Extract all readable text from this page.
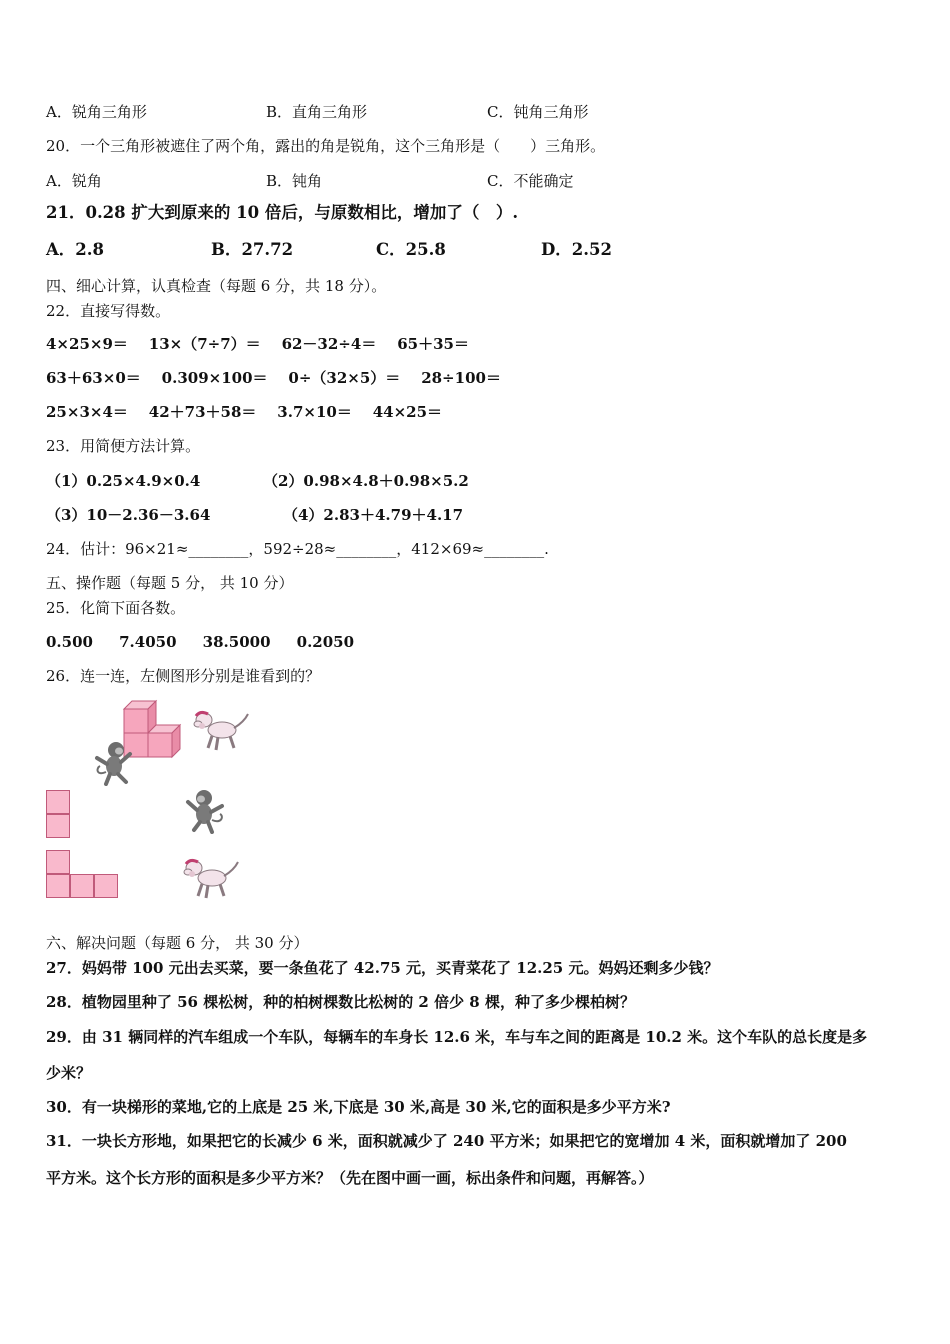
A．锐角三角形	B．直角三角形	C．钝角三角形
20．一个三角形被遮住了两个角，露出的角是锐角，这个三角形是（　　）三角形。
A．锐角	B．钝角	C．不能确定
21．0.28 扩大到原来的 10 倍后，与原数相比，增加了（　）.
A．2.8	B．27.72	C．25.8	D．2.52
四、细心计算，认真检查（每题 6 分，共 18 分）。
22．直接写得数。
4×25×9＝ 13×（7÷7）＝ 62－32÷4＝ 65＋35＝
63＋63×0＝ 0.309×100＝ 0÷（32×5）＝ 28÷100＝
25×3×4＝ 42＋73＋58＝ 3.7×10＝ 44×25＝
23．用简便方法计算。
（1）0.25×4.9×0.4	（2）0.98×4.8＋0.98×5.2
（3）10－2.36－3.64	（4）2.83＋4.79＋4.17
24．估计：96×21≈________，592÷28≈________，412×69≈________.
五、操作题（每题 5 分， 共 10 分）
25．化简下面各数。
0.500 7.4050 38.5000 0.2050
26．连一连，左侧图形分别是谁看到的？
六、解决问题（每题 6 分， 共 30 分）
27．妈妈带 100 元出去买菜，要一条鱼花了 42.75 元，买青菜花了 12.25 元。妈妈还剩多少钱？
28．植物园里种了 56 棵松树，种的柏树棵数比松树的 2 倍少 8 棵，种了多少棵柏树？
29．由 31 辆同样的汽车组成一个车队，每辆车的车身长 12.6 米，车与车之间的距离是 10.2 米。这个车队的总长度是多
少米？
30．有一块梯形的菜地,它的上底是 25 米,下底是 30 米,高是 30 米,它的面积是多少平方米?
31．一块长方形地，如果把它的长减少 6 米，面积就减少了 240 平方米；如果把它的宽增加 4 米，面积就增加了 200
平方米。这个长方形的面积是多少平方米？（先在图中画一画，标出条件和问题，再解答。）
